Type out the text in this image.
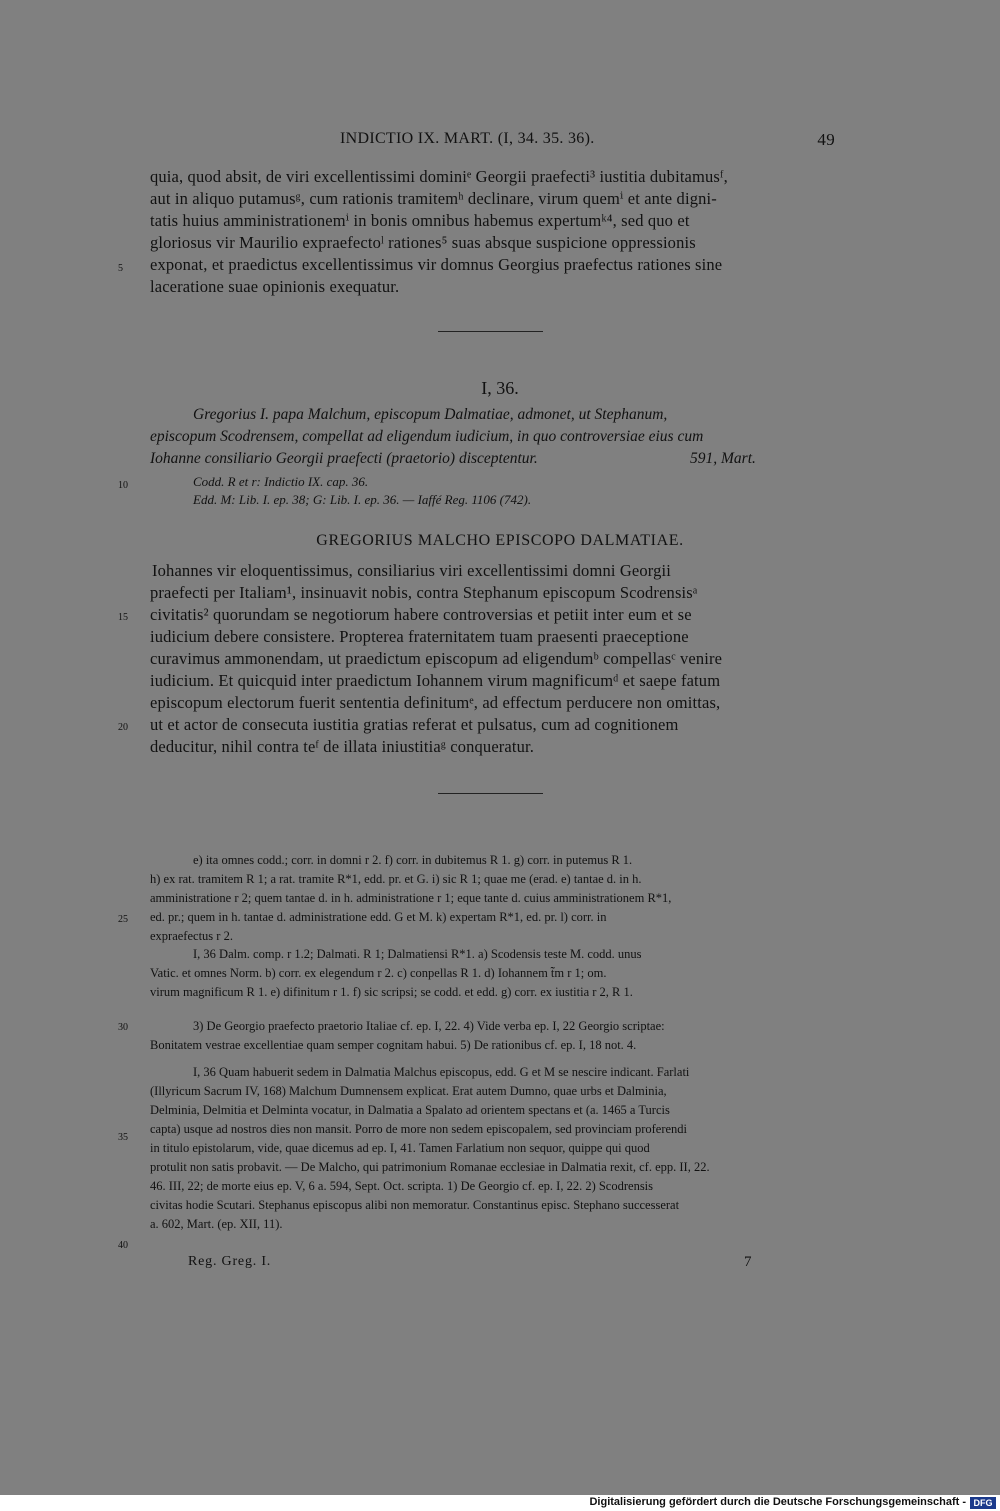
INDICTIO IX. MART. (I, 34. 35. 36).	49
quia, quod absit, de viri excellentissimi dominiᵉ Georgii praefecti³ iustitia dubitamusᶠ,
aut in aliquo putamusᵍ, cum rationis tramitemʰ declinare, virum quemⁱ et ante digni-
tatis huius amministrationemⁱ in bonis omnibus habemus expertumᵏ⁴, sed quo et
gloriosus vir Maurilio expraefectoˡ rationes⁵ suas absque suspicione oppressionis
exponat, et praedictus excellentissimus vir domnus Georgius praefectus rationes sine
laceratione suae opinionis exequatur.
5
10
15
20
25
30
35
40
I, 36.
Gregorius I. papa Malchum, episcopum Dalmatiae, admonet, ut Stephanum,
episcopum Scodrensem, compellat ad eligendum iudicium, in quo controversiae eius cum
Iohanne consiliario Georgii praefecti (praetorio) disceptentur.	591, Mart.
Codd. R et r: Indictio IX. cap. 36.
Edd. M: Lib. I. ep. 38; G: Lib. I. ep. 36. — Iaffé Reg. 1106 (742).
GREGORIUS MALCHO EPISCOPO DALMATIAE.
Iohannes vir eloquentissimus, consiliarius viri excellentissimi domni Georgii
praefecti per Italiam¹, insinuavit nobis, contra Stephanum episcopum Scodrensisᵃ
civitatis² quorundam se negotiorum habere controversias et petiit inter eum et se
iudicium debere consistere. Propterea fraternitatem tuam praesenti praeceptione
curavimus ammonendam, ut praedictum episcopum ad eligendumᵇ compellasᶜ venire
iudicium. Et quicquid inter praedictum Iohannem virum magnificumᵈ et saepe fatum
episcopum electorum fuerit sententia definitumᵉ, ad effectum perducere non omittas,
ut et actor de consecuta iustitia gratias referat et pulsatus, cum ad cognitionem
deducitur, nihil contra teᶠ de illata iniustitiaᵍ conqueratur.
e) ita omnes codd.; corr. in domni r 2. f) corr. in dubitemus R 1. g) corr. in putemus R 1.
h) ex rat. tramitem R 1; a rat. tramite R*1, edd. pr. et G. i) sic R 1; quae me (erad. e) tantae d. in h.
amministratione r 2; quem tantae d. in h. administratione r 1; eque tante d. cuius amministrationem R*1,
ed. pr.; quem in h. tantae d. administratione edd. G et M. k) expertam R*1, ed. pr. l) corr. in
expraefectus r 2.
I, 36 Dalm. comp. r 1.2; Dalmati. R 1; Dalmatiensi R*1. a) Scodensis teste M. codd. unus
Vatic. et omnes Norm. b) corr. ex elegendum r 2. c) conpellas R 1. d) Iohannem t̃̃m r 1; om.
virum magnificum R 1. e) difinitum r 1. f) sic scripsi; se codd. et edd. g) corr. ex iustitia r 2, R 1.
3) De Georgio praefecto praetorio Italiae cf. ep. I, 22. 4) Vide verba ep. I, 22 Georgio scriptae:
Bonitatem vestrae excellentiae quam semper cognitam habui. 5) De rationibus cf. ep. I, 18 not. 4.
I, 36 Quam habuerit sedem in Dalmatia Malchus episcopus, edd. G et M se nescire indicant. Farlati
(Illyricum Sacrum IV, 168) Malchum Dumnensem explicat. Erat autem Dumno, quae urbs et Dalminia,
Delminia, Delmitia et Delminta vocatur, in Dalmatia a Spalato ad orientem spectans et (a. 1465 a Turcis
capta) usque ad nostros dies non mansit. Porro de more non sedem episcopalem, sed provinciam proferendi
in titulo epistolarum, vide, quae dicemus ad ep. I, 41. Tamen Farlatium non sequor, quippe qui quod
protulit non satis probavit. — De Malcho, qui patrimonium Romanae ecclesiae in Dalmatia rexit, cf. epp. II, 22.
46. III, 22; de morte eius ep. V, 6 a. 594, Sept. Oct. scripta. 1) De Georgio cf. ep. I, 22. 2) Scodrensis
civitas hodie Scutari. Stephanus episcopus alibi non memoratur. Constantinus episc. Stephano successerat
a. 602, Mart. (ep. XII, 11).
Reg. Greg. I.	7
Digitalisierung gefördert durch die Deutsche Forschungsgemeinschaft - DFG
